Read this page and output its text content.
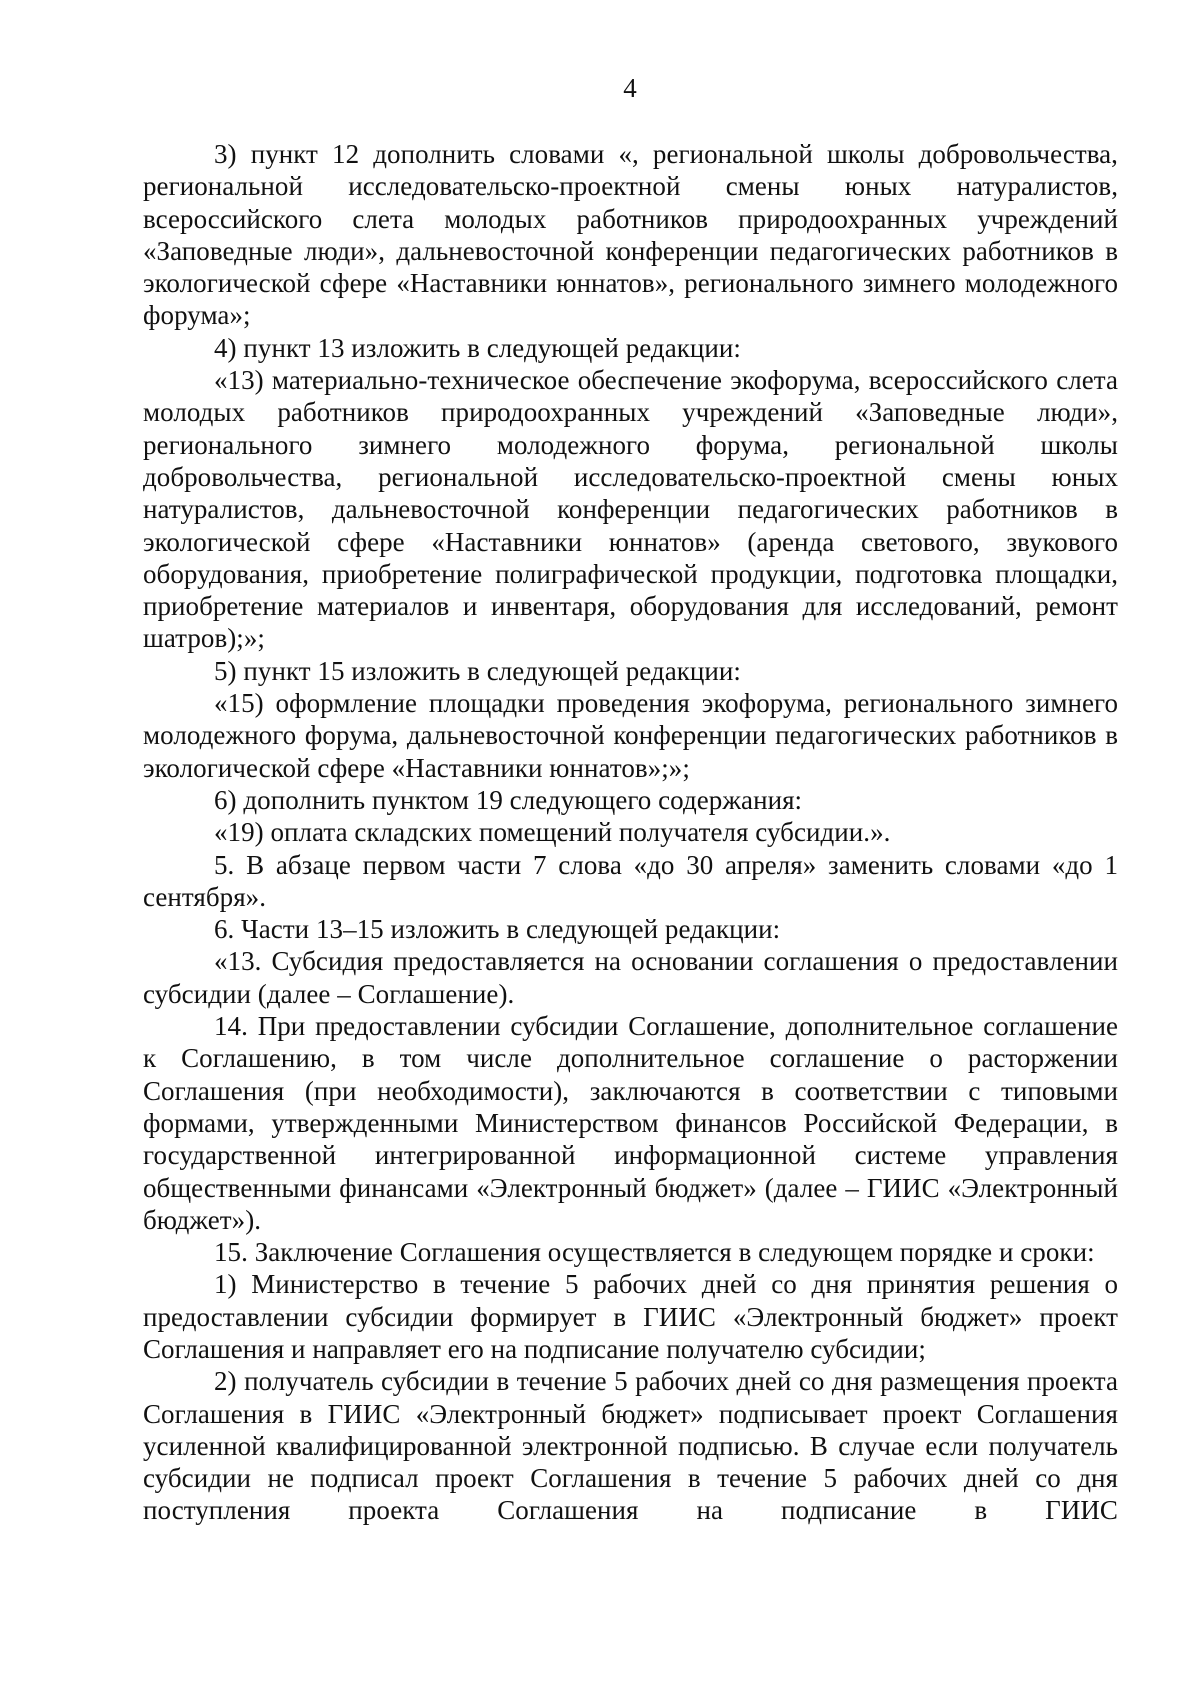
4

3) пункт 12 дополнить словами «, региональной школы добровольчества, региональной исследовательско-проектной смены юных натуралистов, всероссийского слета молодых работников природоохранных учреждений «Заповедные люди», дальневосточной конференции педагогических работников в экологической сфере «Наставники юннатов», регионального зимнего молодежного форума»;

4) пункт 13 изложить в следующей редакции:

«13) материально-техническое обеспечение экофорума, всероссийского слета молодых работников природоохранных учреждений «Заповедные люди», регионального зимнего молодежного форума, региональной школы добровольчества, региональной исследовательско-проектной смены юных натуралистов, дальневосточной конференции педагогических работников в экологической сфере «Наставники юннатов» (аренда светового, звукового оборудования, приобретение полиграфической продукции, подготовка площадки, приобретение материалов и инвентаря, оборудования для исследований, ремонт шатров);»;

5) пункт 15 изложить в следующей редакции:

«15) оформление площадки проведения экофорума, регионального зимнего молодежного форума, дальневосточной конференции педагогических работников в экологической сфере «Наставники юннатов»;»;

6) дополнить пунктом 19 следующего содержания:

«19) оплата складских помещений получателя субсидии.».

5. В абзаце первом части 7 слова «до 30 апреля» заменить словами «до 1 сентября».

6. Части 13–15 изложить в следующей редакции:

«13. Субсидия предоставляется на основании соглашения о предоставлении субсидии (далее – Соглашение).

14. При предоставлении субсидии Соглашение, дополнительное соглашение к Соглашению, в том числе дополнительное соглашение о расторжении Соглашения (при необходимости), заключаются в соответствии с типовыми формами, утвержденными Министерством финансов Российской Федерации, в государственной интегрированной информационной системе управления общественными финансами «Электронный бюджет» (далее – ГИИС «Электронный бюджет»).

15. Заключение Соглашения осуществляется в следующем порядке и сроки:

1) Министерство в течение 5 рабочих дней со дня принятия решения о предоставлении субсидии формирует в ГИИС «Электронный бюджет» проект Соглашения и направляет его на подписание получателю субсидии;

2) получатель субсидии в течение 5 рабочих дней со дня размещения проекта Соглашения в ГИИС «Электронный бюджет» подписывает проект Соглашения усиленной квалифицированной электронной подписью. В случае если получатель субсидии не подписал проект Соглашения в течение 5 рабочих дней со дня поступления проекта Соглашения на подписание в ГИИС
